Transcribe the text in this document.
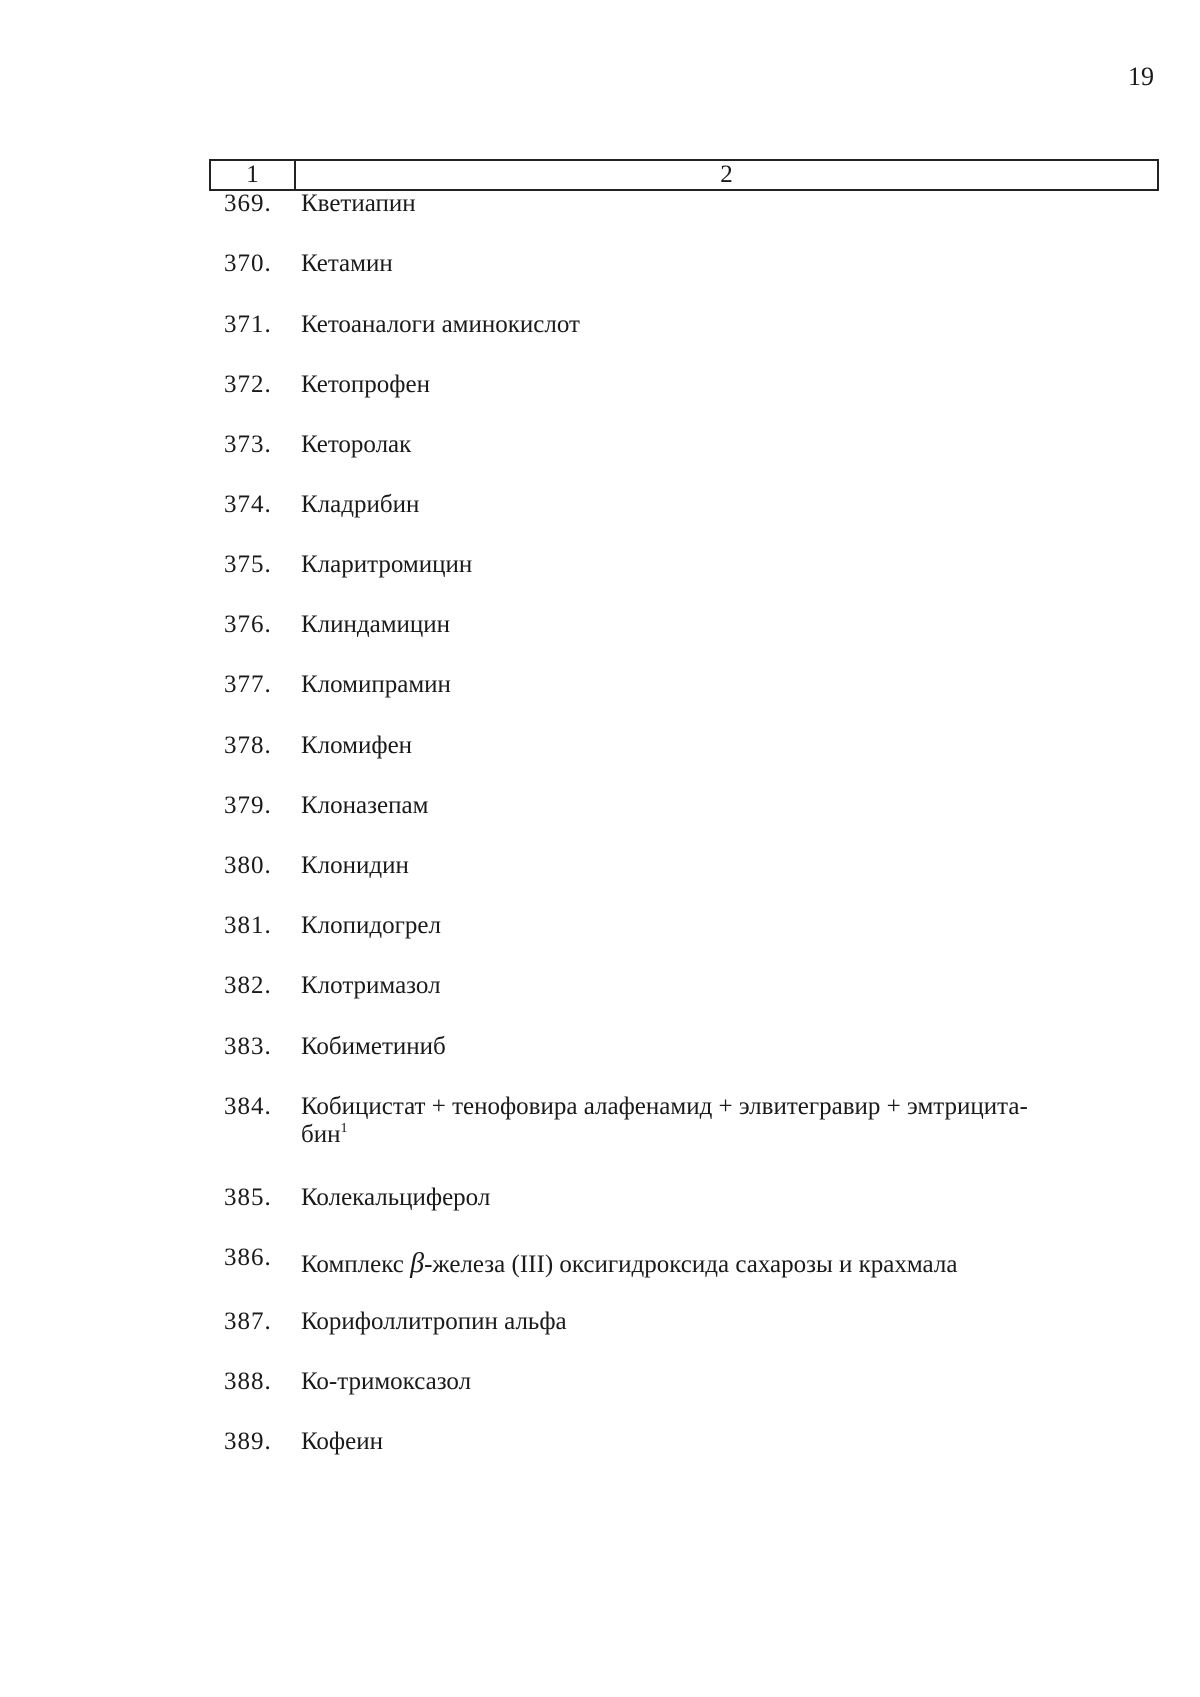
19
1	2
369.	Кветиапин
370.	Кетамин
371.	Кетоаналоги аминокислот
372.	Кетопрофен
373.	Кеторолак
374.	Кладрибин
375.	Кларитромицин
376.	Клиндамицин
377.	Кломипрамин
378.	Кломифен
379.	Клоназепам
380.	Клонидин
381.	Клопидогрел
382.	Клотримазол
383.	Кобиметиниб
384.	Кобицистат + тенофовира алафенамид + элвитегравир + эмтрицита-
бин$^1$
385.	Колекальциферол
386.	Комплекс β-железа (III) оксигидроксида сахарозы и крахмала
387.	Корифоллитропин альфа
388.	Ко-тримоксазол
389.	Кофеин
